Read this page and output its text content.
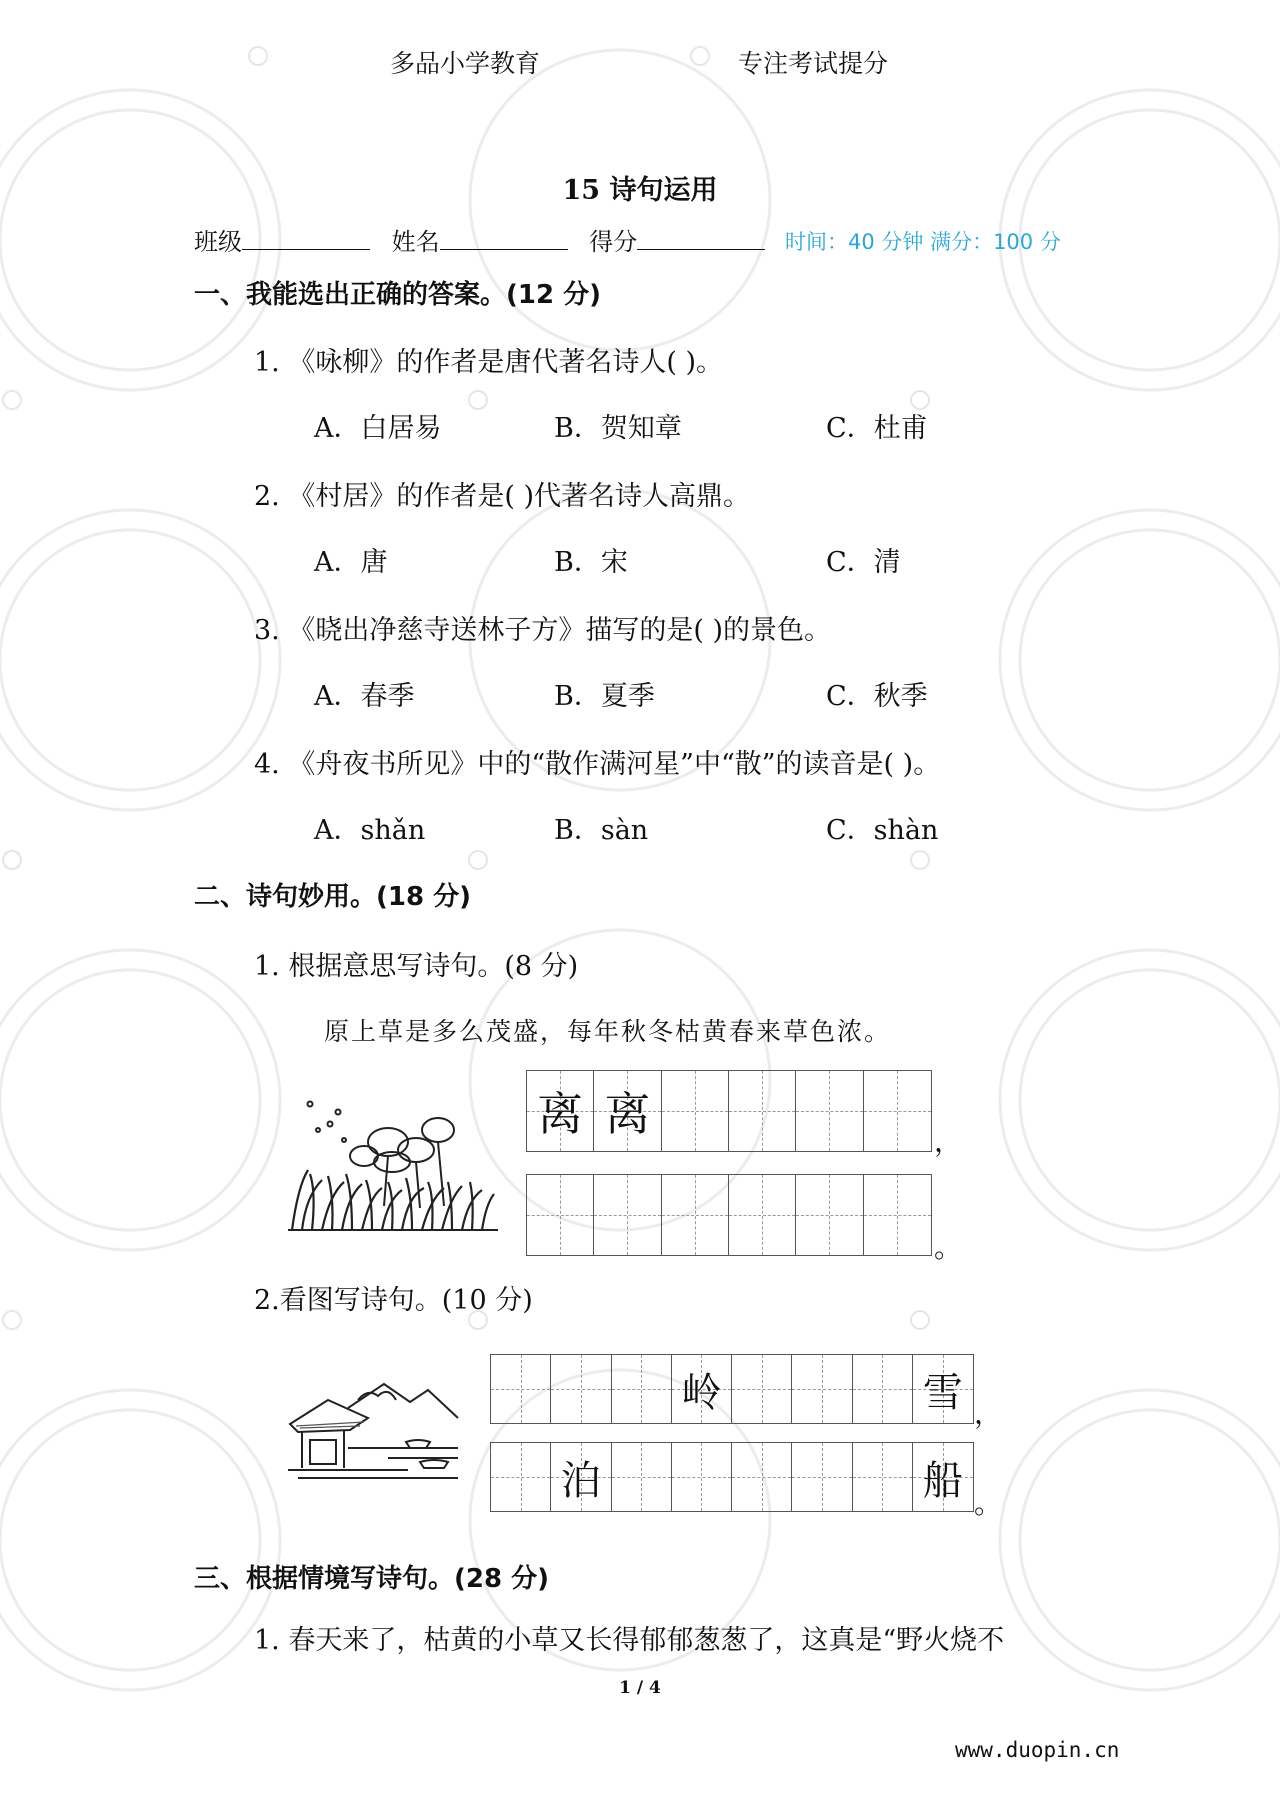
多品小学教育	专注考试提分
15 诗句运用
班级	姓名	得分	时间：40 分钟 满分：100 分
一、我能选出正确的答案。(12 分)
1. 《咏柳》的作者是唐代著名诗人( )。
A．白居易	B．贺知章	C．杜甫
2. 《村居》的作者是( )代著名诗人高鼎。
A．唐	B．宋	C．清
3. 《晓出净慈寺送林子方》描写的是( )的景色。
A．春季	B．夏季	C．秋季
4. 《舟夜书所见》中的“散作满河星”中“散”的读音是( )。
A．shǎn	B．sàn	C．shàn
二、诗句妙用。(18 分)
1. 根据意思写诗句。(8 分)
原上草是多么茂盛，每年秋冬枯黄春来草色浓。
离 离
，
。
2.看图写诗句。(10 分)
岭	雪 ，
泊	船 。
三、根据情境写诗句。(28 分)
1. 春天来了，枯黄的小草又长得郁郁葱葱了，这真是“野火烧不
1 / 4
www.duopin.cn
